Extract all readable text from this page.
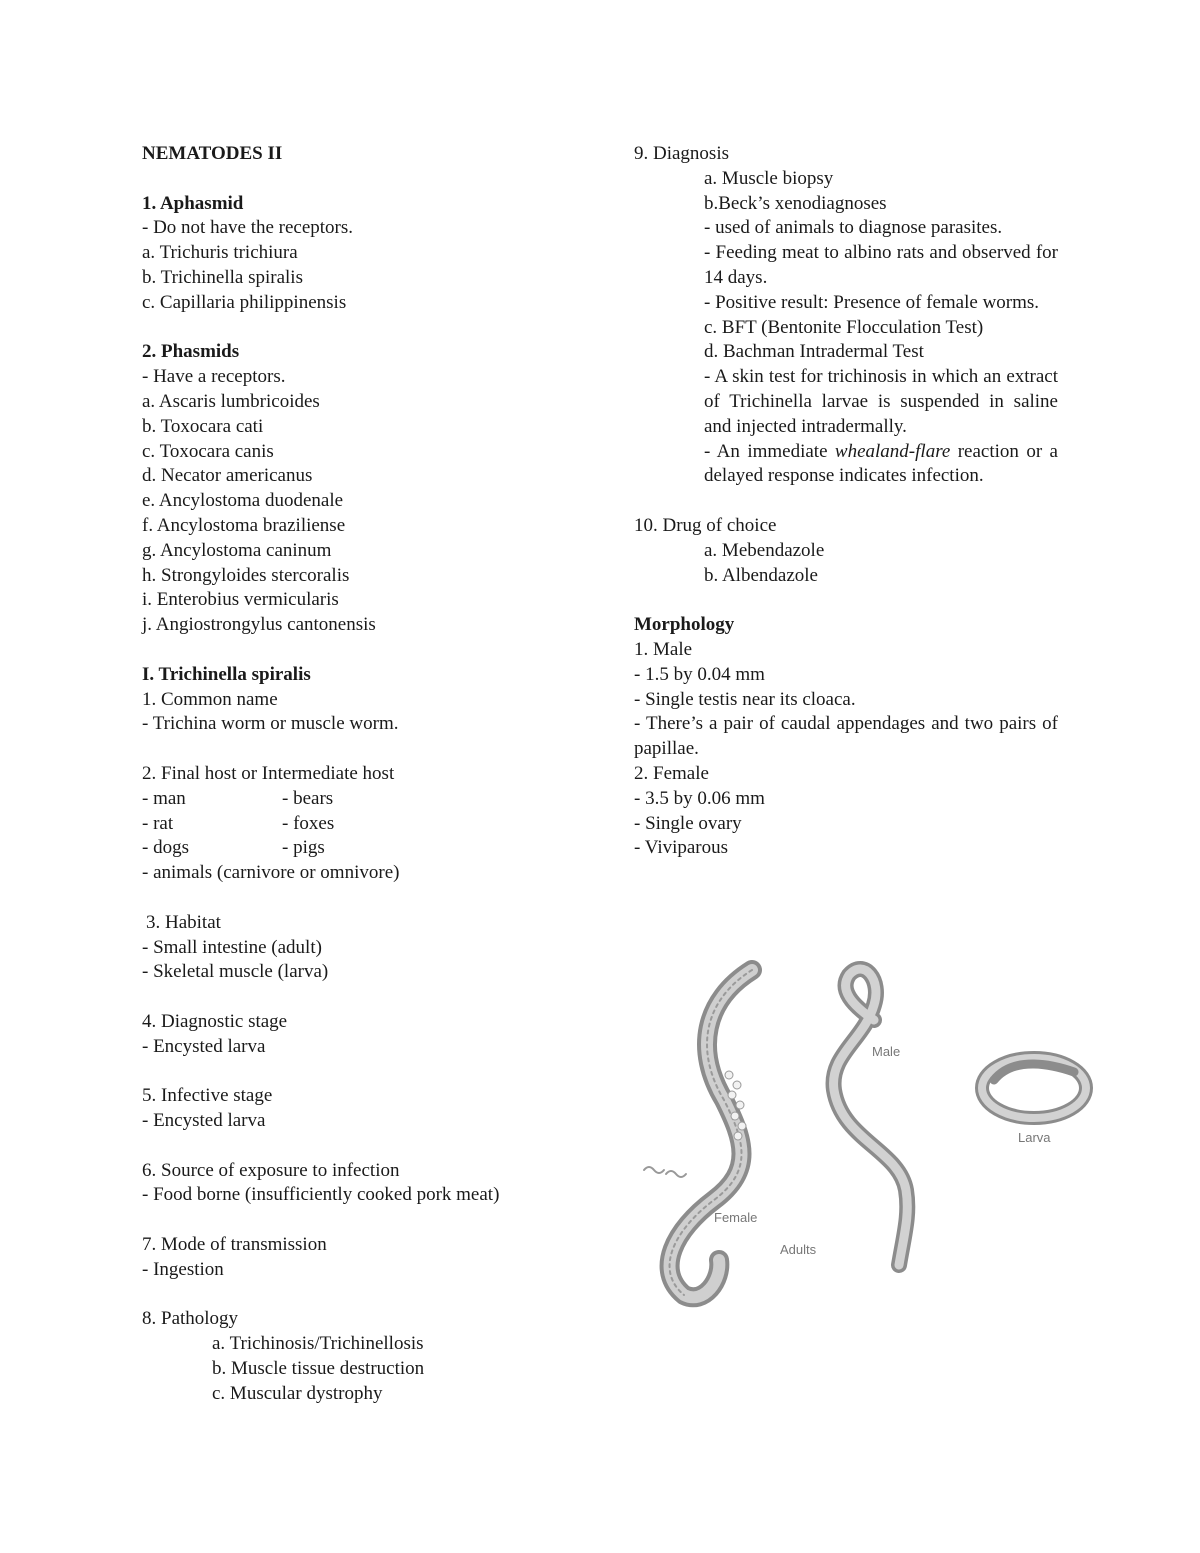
NEMATODES II
1. Aphasmid
- Do not have the receptors.
a. Trichuris trichiura
b. Trichinella spiralis
c. Capillaria philippinensis
2. Phasmids
- Have a receptors.
a. Ascaris lumbricoides
b. Toxocara cati
c. Toxocara canis
d. Necator americanus
e. Ancylostoma duodenale
f. Ancylostoma braziliense
g. Ancylostoma caninum
h. Strongyloides stercoralis
i. Enterobius vermicularis
j. Angiostrongylus cantonensis
I. Trichinella spiralis
1. Common name
- Trichina worm or muscle worm.
2. Final host or Intermediate host
- man	- bears
- rat	- foxes
- dogs	- pigs
- animals (carnivore or omnivore)
3. Habitat
- Small intestine (adult)
- Skeletal muscle (larva)
4. Diagnostic stage
- Encysted larva
5. Infective stage
- Encysted larva
6. Source of exposure to infection
- Food borne (insufficiently cooked pork meat)
7. Mode of transmission
- Ingestion
8. Pathology
a. Trichinosis/Trichinellosis
b. Muscle tissue destruction
c. Muscular dystrophy
9. Diagnosis
a. Muscle biopsy
b.Beck’s xenodiagnoses
- used of animals to diagnose parasites.
- Feeding meat to albino rats and observed for 14 days.
- Positive result: Presence of female worms.
c. BFT (Bentonite Flocculation Test)
d. Bachman Intradermal Test
- A skin test for trichinosis in which an extract of Trichinella larvae is suspended in saline and injected intradermally.
- An immediate whealand-flare reaction or a delayed response indicates infection.
10. Drug of choice
a. Mebendazole
b. Albendazole
Morphology
1. Male
- 1.5 by 0.04 mm
- Single testis near its cloaca.
- There’s a pair of caudal appendages and two pairs of papillae.
2. Female
- 3.5 by 0.06 mm
- Single ovary
- Viviparous
Male
Larva
Female
Adults
